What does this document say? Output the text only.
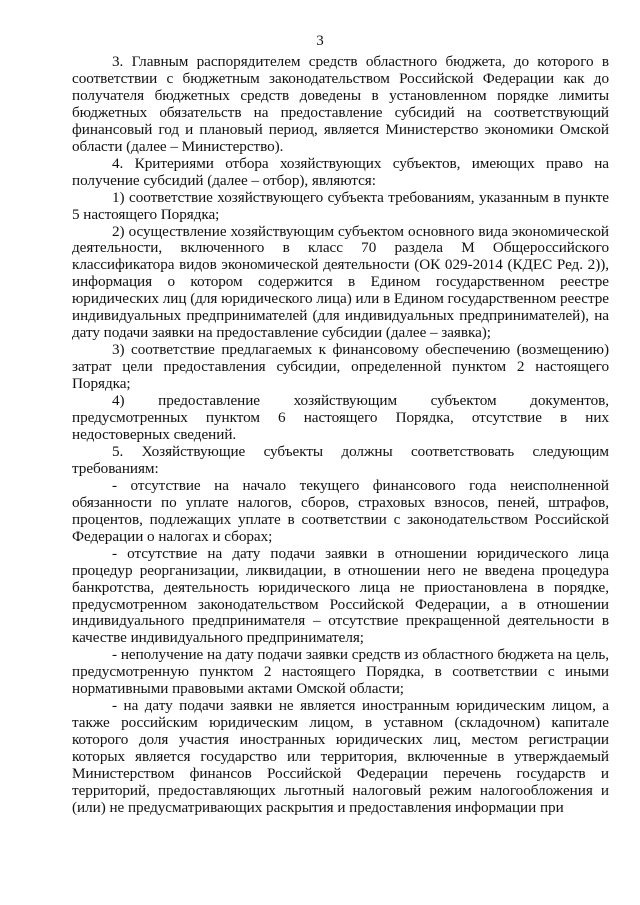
3

3. Главным распорядителем средств областного бюджета, до которого в соответствии с бюджетным законодательством Российской Федерации как до получателя бюджетных средств доведены в установленном порядке лимиты бюджетных обязательств на предоставление субсидий на соответствующий финансовый год и плановый период, является Министерство экономики Омской области (далее – Министерство).

4. Критериями отбора хозяйствующих субъектов, имеющих право на получение субсидий (далее – отбор), являются:

1) соответствие хозяйствующего субъекта требованиям, указанным в пункте 5 настоящего Порядка;

2) осуществление хозяйствующим субъектом основного вида экономической деятельности, включенного в класс 70 раздела M Общероссийского классификатора видов экономической деятельности (ОК 029-2014 (КДЕС Ред. 2)), информация о котором содержится в Едином государственном реестре юридических лиц (для юридического лица) или в Едином государственном реестре индивидуальных предпринимателей (для индивидуальных предпринимателей), на дату подачи заявки на предоставление субсидии (далее – заявка);

3) соответствие предлагаемых к финансовому обеспечению (возмещению) затрат цели предоставления субсидии, определенной пунктом 2 настоящего Порядка;

4) предоставление хозяйствующим субъектом документов, предусмотренных пунктом 6 настоящего Порядка, отсутствие в них недостоверных сведений.

5. Хозяйствующие субъекты должны соответствовать следующим требованиям:

- отсутствие на начало текущего финансового года неисполненной обязанности по уплате налогов, сборов, страховых взносов, пеней, штрафов, процентов, подлежащих уплате в соответствии с законодательством Российской Федерации о налогах и сборах;

- отсутствие на дату подачи заявки в отношении юридического лица процедур реорганизации, ликвидации, в отношении него не введена процедура банкротства, деятельность юридического лица не приостановлена в порядке, предусмотренном законодательством Российской Федерации, а в отношении индивидуального предпринимателя – отсутствие прекращенной деятельности в качестве индивидуального предпринимателя;

- неполучение на дату подачи заявки средств из областного бюджета на цель, предусмотренную пунктом 2 настоящего Порядка, в соответствии с иными нормативными правовыми актами Омской области;

- на дату подачи заявки не является иностранным юридическим лицом, а также российским юридическим лицом, в уставном (складочном) капитале которого доля участия иностранных юридических лиц, местом регистрации которых является государство или территория, включенные в утверждаемый Министерством финансов Российской Федерации перечень государств и территорий, предоставляющих льготный налоговый режим налогообложения и (или) не предусматривающих раскрытия и предоставления информации при
